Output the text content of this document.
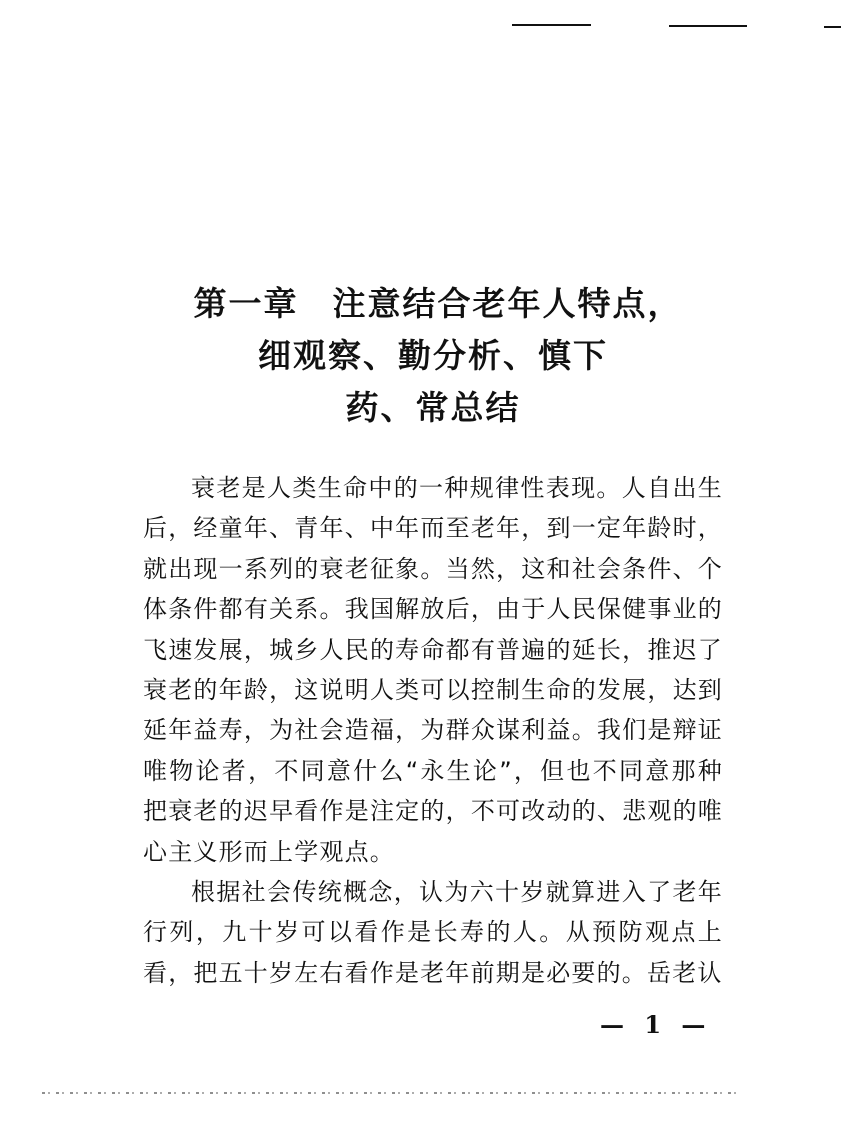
第一章 注意结合老年人特点，
细观察、勤分析、慎下
药、常总结

衰老是人类生命中的一种规律性表现。人自出生后，经童年、青年、中年而至老年，到一定年龄时，就出现一系列的衰老征象。当然，这和社会条件、个体条件都有关系。我国解放后，由于人民保健事业的飞速发展，城乡人民的寿命都有普遍的延长，推迟了衰老的年龄，这说明人类可以控制生命的发展，达到延年益寿，为社会造福，为群众谋利益。我们是辩证唯物论者，不同意什么“永生论”，但也不同意那种把衰老的迟早看作是注定的，不可改动的、悲观的唯心主义形而上学观点。

根据社会传统概念，认为六十岁就算进入了老年行列，九十岁可以看作是长寿的人。从预防观点上看，把五十岁左右看作是老年前期是必要的。岳老认

— 1 —
